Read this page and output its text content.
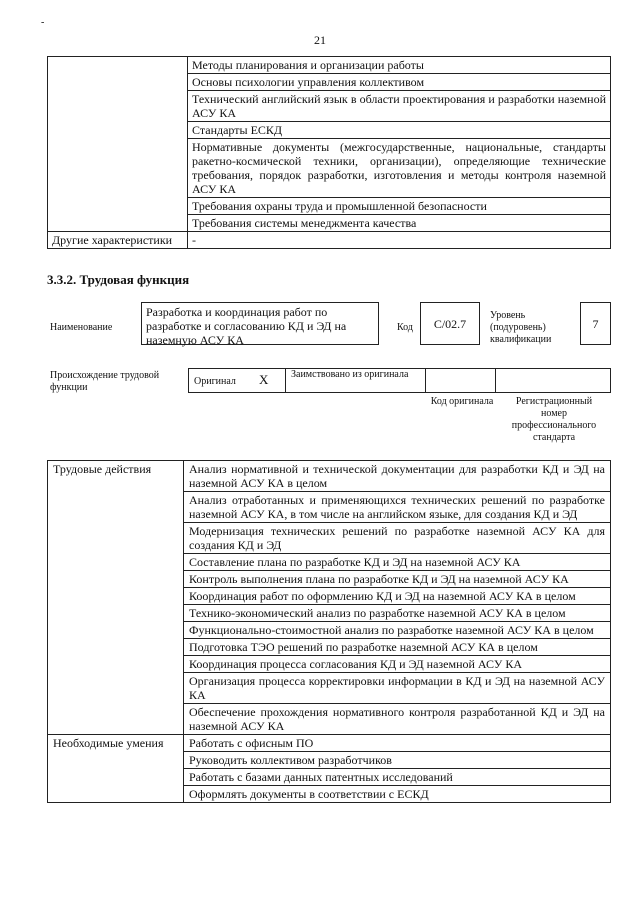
-
21
	Методы планирования и организации работы
	Основы психологии управления коллективом
	Технический английский язык в области проектирования и разработки наземной АСУ КА
	Стандарты ЕСКД
	Нормативные документы (межгосударственные, национальные, стандарты ракетно-космической техники, организации), определяющие технические требования, порядок разработки, изготовления и методы контроля наземной АСУ КА
	Требования охраны труда и промышленной безопасности
	Требования системы менеджмента качества
Другие характеристики	-
3.3.2. Трудовая функция
Наименование
Разработка и координация работ по разработке и согласованию КД и ЭД на наземную АСУ КА
Код С/02.7
Уровень (подуровень) квалификации
7
Происхождение трудовой функции
Оригинал X Заимствовано из оригинала
Код оригинала	Регистрационный номер профессионального стандарта
Трудовые действия	Анализ нормативной и технической документации для разработки КД и ЭД на наземной АСУ КА в целом
	Анализ отработанных и применяющихся технических решений по разработке наземной АСУ КА, в том числе на английском языке, для создания КД и ЭД
	Модернизация технических решений по разработке наземной АСУ КА для создания КД и ЭД
	Составление плана по разработке КД и ЭД на наземной АСУ КА
	Контроль выполнения плана по разработке КД и ЭД на наземной АСУ КА
	Координация работ по оформлению КД и ЭД на наземной АСУ КА в целом
	Технико-экономический анализ по разработке наземной АСУ КА в целом
	Функционально-стоимостной анализ по разработке наземной АСУ КА в целом
	Подготовка ТЭО решений по разработке наземной АСУ КА в целом
	Координация процесса согласования КД и ЭД наземной АСУ КА
	Организация процесса корректировки информации в КД и ЭД на наземной АСУ КА
	Обеспечение прохождения нормативного контроля разработанной КД и ЭД на наземной АСУ КА
Необходимые умения	Работать с офисным ПО
	Руководить коллективом разработчиков
	Работать с базами данных патентных исследований
	Оформлять документы в соответствии с ЕСКД
